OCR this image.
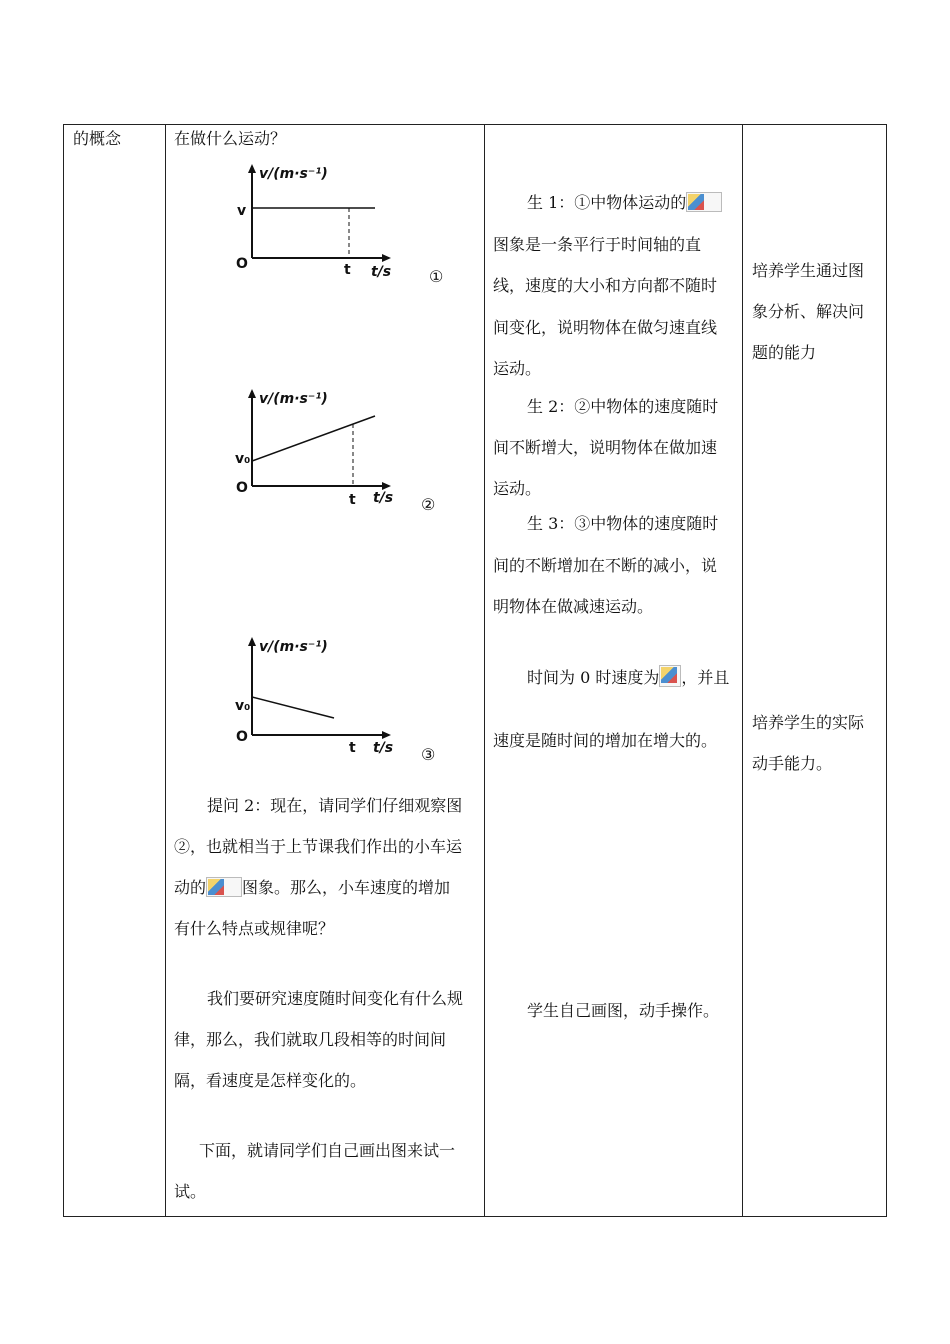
的概念	在做什么运动？

v/(m·s⁻¹)
v
O	t t/s ①
v/(m·s⁻¹)
v₀
O
t t/s ②
v/(m·s⁻¹)
v₀
O
t t/s ③

提问 2：现在，请同学们仔细观察图

②，也就相当于上节课我们作出的小车运

动的 图象。那么，小车速度的增加

有什么特点或规律呢？

我们要研究速度随时间变化有什么规

律，那么，我们就取几段相等的时间间

隔，看速度是怎样变化的。

下面，就请同学们自己画出图来试一

试。

生 1：①中物体运动的

图象是一条平行于时间轴的直

线，速度的大小和方向都不随时

间变化，说明物体在做匀速直线

运动。

生 2：②中物体的速度随时

间不断增大，说明物体在做加速

运动。

生 3：③中物体的速度随时

间的不断增加在不断的减小，说

明物体在做减速运动。

时间为 0 时速度为 ，并且

速度是随时间的增加在增大的。

学生自己画图，动手操作。

培养学生通过图

象分析、解决问

题的能力

培养学生的实际

动手能力。
